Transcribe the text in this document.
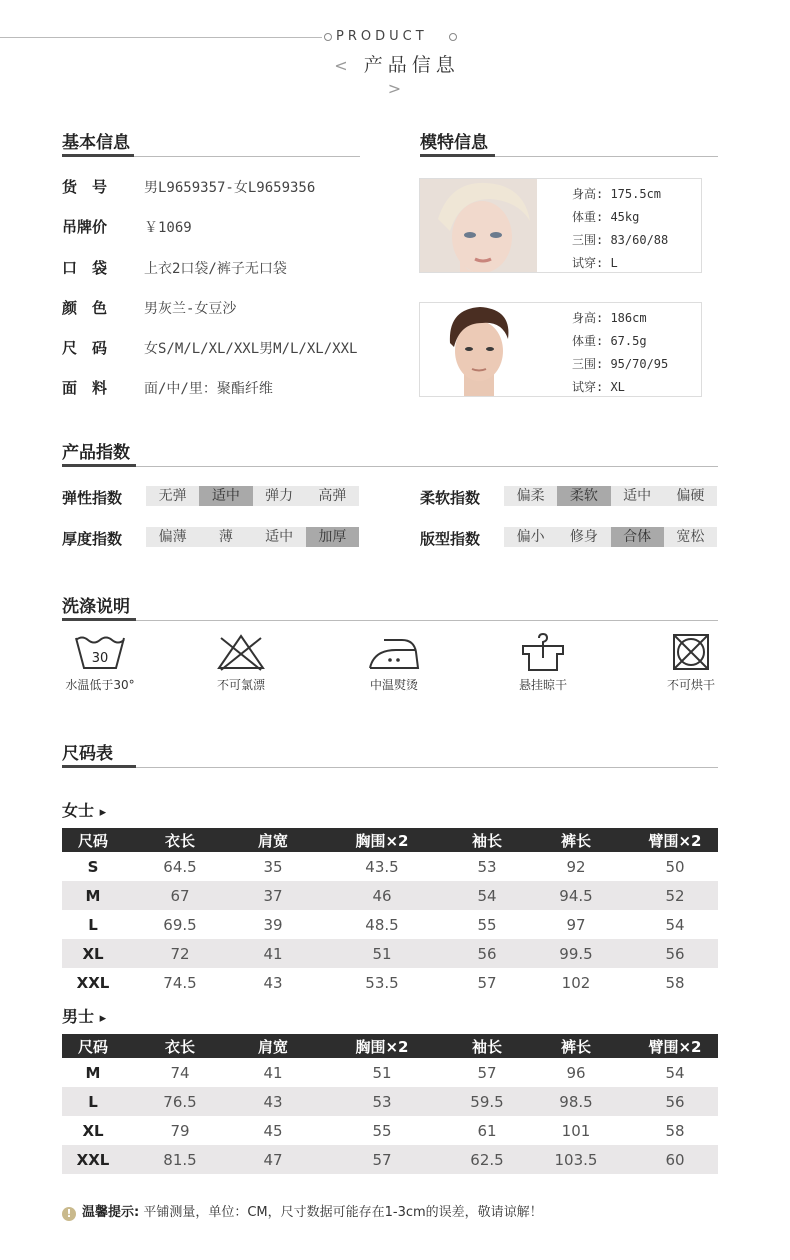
PRODUCT
< 产品信息 >
基本信息
货　号	男L9659357-女L9659356
吊牌价	￥1069
口　袋	上衣2口袋/裤子无口袋
颜　色	男灰兰-女豆沙
尺　码	女S/M/L/XL/XXL男M/L/XL/XXL
面　料	面/中/里：聚酯纤维
模特信息
身高: 175.5cm
体重: 45kg
三围: 83/60/88
试穿: L
身高: 186cm
体重: 67.5g
三围: 95/70/95
试穿: XL
产品指数
弹性指数	无弹	适中	弹力	高弹	柔软指数	偏柔	柔软	适中	偏硬
厚度指数	偏薄	薄	适中	加厚	版型指数	偏小	修身	合体	宽松
洗涤说明
30
水温低于30°	不可氯漂	中温熨烫	悬挂晾干	不可烘干
尺码表
女士 ▸
尺码	衣长	肩宽	胸围×2	袖长	裤长	臂围×2
S	64.5	35	43.5	53	92	50
M	67	37	46	54	94.5	52
L	69.5	39	48.5	55	97	54
XL	72	41	51	56	99.5	56
XXL	74.5	43	53.5	57	102	58
男士 ▸
尺码	衣长	肩宽	胸围×2	袖长	裤长	臂围×2
M	74	41	51	57	96	54
L	76.5	43	53	59.5	98.5	56
XL	79	45	55	61	101	58
XXL	81.5	47	57	62.5	103.5	60
! 温馨提示: 平铺测量，单位：CM，尺寸数据可能存在1-3cm的误差，敬请谅解！
